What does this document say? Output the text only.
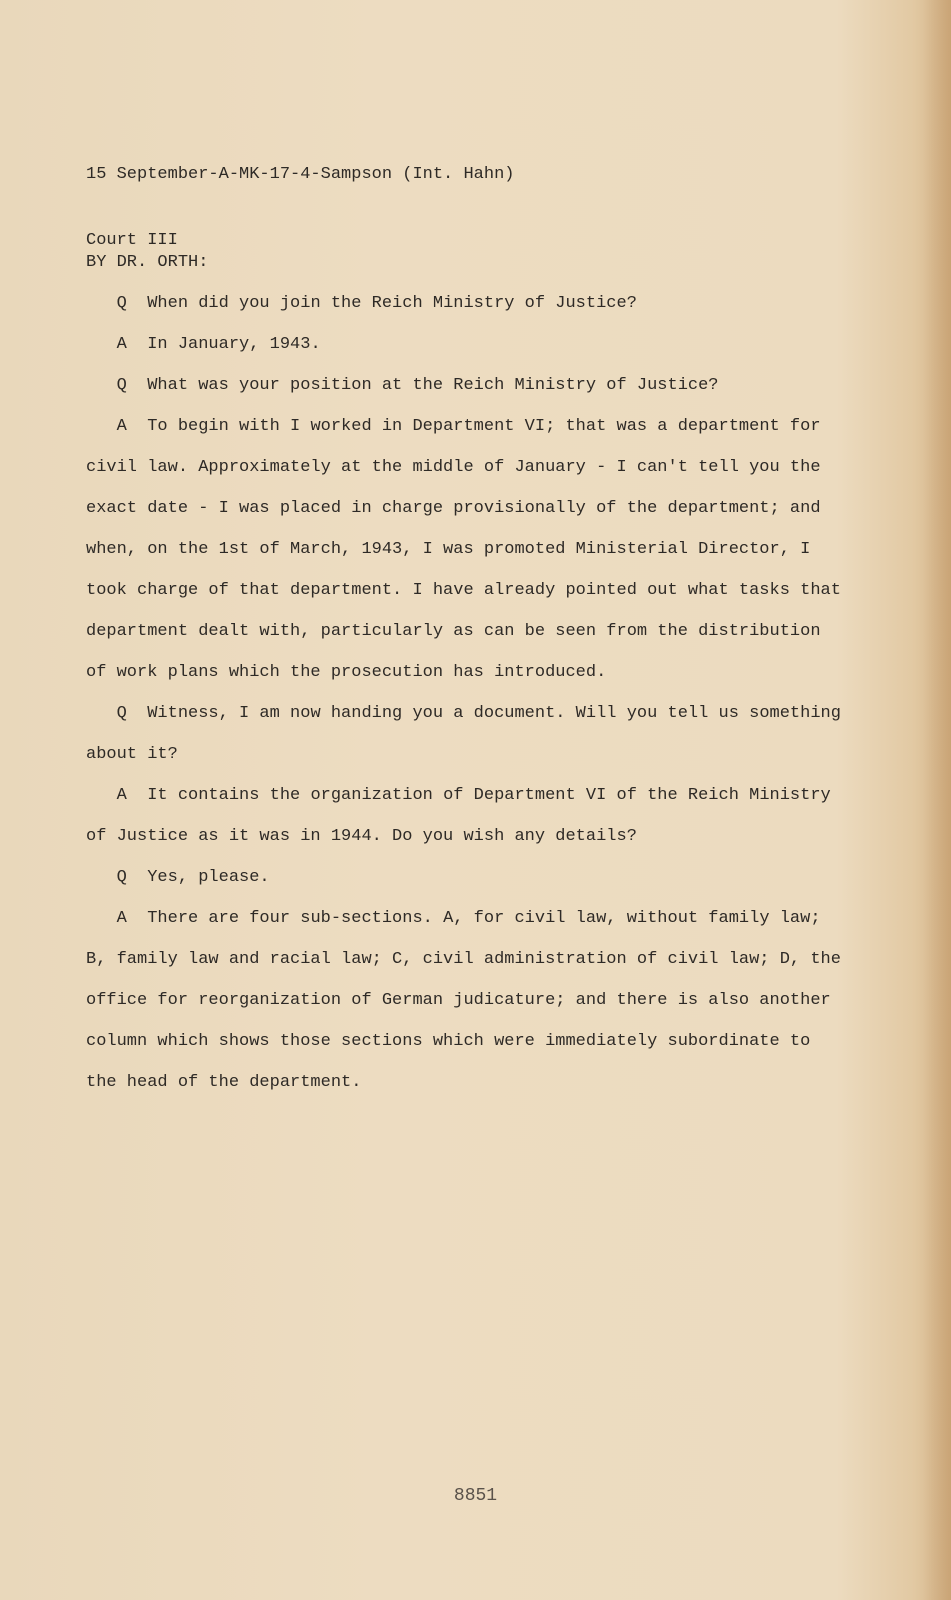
15 September-A-MK-17-4-Sampson (Int. Hahn)

Court III

BY DR. ORTH:

Q  When did you join the Reich Ministry of Justice?

A  In January, 1943.

Q  What was your position at the Reich Ministry of Justice?

A  To begin with I worked in Department VI; that was a department for civil law. Approximately at the middle of January - I can't tell you the exact date - I was placed in charge provisionally of the department; and when, on the 1st of March, 1943, I was promoted Ministerial Director, I took charge of that department. I have already pointed out what tasks that department dealt with, particularly as can be seen from the distribution of work plans which the prosecution has introduced.

Q  Witness, I am now handing you a document. Will you tell us something about it?

A  It contains the organization of Department VI of the Reich Ministry of Justice as it was in 1944. Do you wish any details?

Q  Yes, please.

A  There are four sub-sections. A, for civil law, without family law; B, family law and racial law; C, civil administration of civil law; D, the office for reorganization of German judicature; and there is also another column which shows those sections which were immediately subordinate to the head of the department.

8851
